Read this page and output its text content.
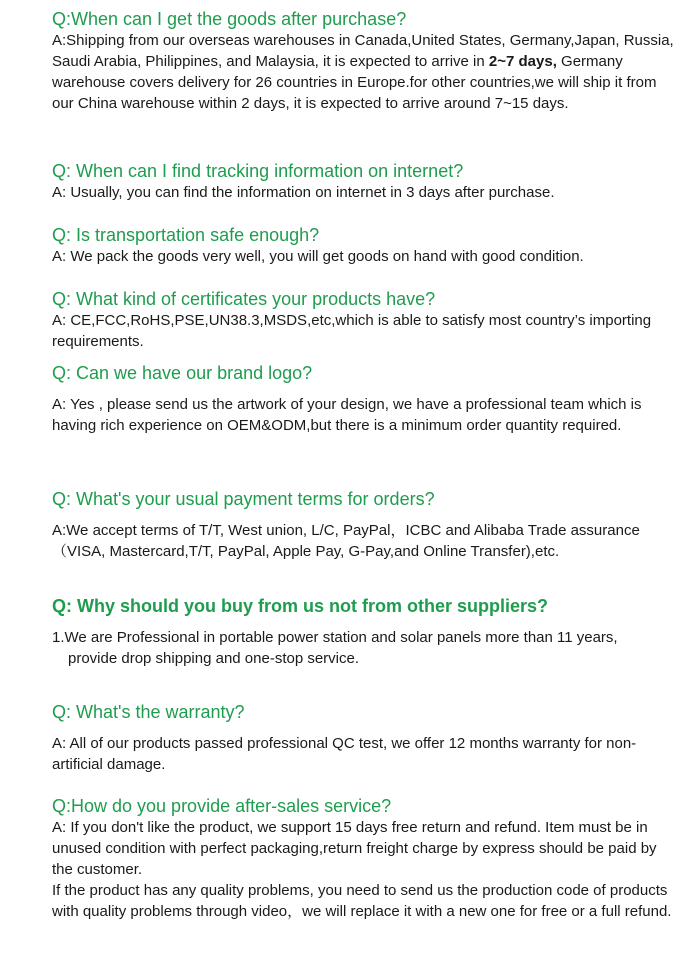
Q:When can I get the goods after purchase?

A:Shipping from our overseas warehouses in Canada,United States, Germany,Japan, Russia, Saudi Arabia, Philippines, and Malaysia, it is expected to arrive in 2~7 days, Germany warehouse covers delivery for 26 countries in Europe.for other countries,we will ship it from our China warehouse within 2 days, it is expected to arrive around 7~15 days.

Q: When can I find tracking information on internet?

A: Usually, you can find the information on internet in 3 days after purchase.

Q: Is transportation safe enough?

A: We pack the goods very well, you will get goods on hand with good condition.

Q: What kind of certificates your products have?

A: CE,FCC,RoHS,PSE,UN38.3,MSDS,etc,which is able to satisfy most country’s importing requirements.

Q: Can we have our brand logo?

A: Yes , please send us the artwork of your design, we have a professional team which is having rich experience on OEM&ODM,but there is a minimum order quantity required.

Q: What's your usual payment terms for orders?

A:We accept terms of T/T, West union, L/C, PayPal，ICBC and Alibaba Trade assurance（VISA, Mastercard,T/T, PayPal, Apple Pay, G-Pay,and Online Transfer),etc.

Q: Why should you buy from us not from other suppliers?

1.We are Professional in portable power station and solar panels more than 11 years,

provide drop shipping and one-stop service.

Q: What's the warranty?

A: All of our products passed professional QC test, we offer 12 months warranty for non-artificial damage.

Q:How do you provide after-sales service?

A: If you don't like the product, we support 15 days free return and refund. Item must be in unused condition with perfect packaging,return freight charge by express should be paid by the customer.

If the product has any quality problems, you need to send us the production code of products with quality problems through video，we will replace it with a new one for free or a full refund.
